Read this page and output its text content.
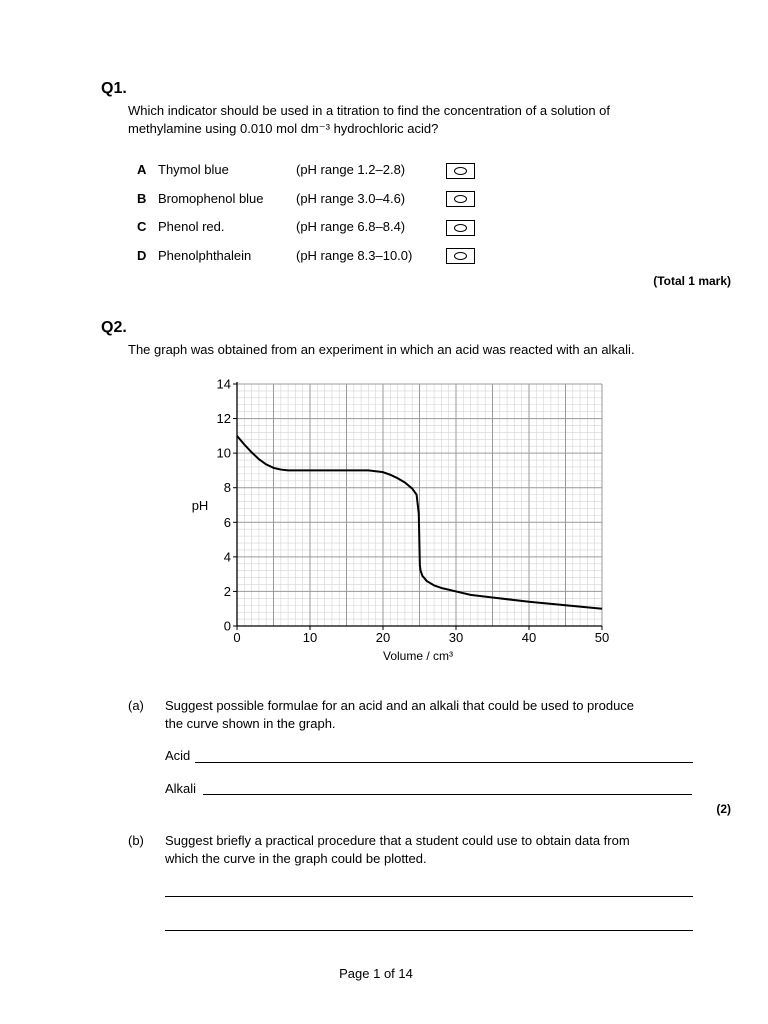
Q1.
Which indicator should be used in a titration to find the concentration of a solution of
methylamine using 0.010 mol dm⁻³ hydrochloric acid?
A Thymol blue	(pH range 1.2–2.8)
B Bromophenol blue (pH range 3.0–4.6)
C Phenol red.	(pH range 6.8–8.4)
D Phenolphthalein	(pH range 8.3–10.0)
(Total 1 mark)
Q2.
The graph was obtained from an experiment in which an acid was reacted with an alkali.
0
2
4
6
8
10
12
14
0	10	20	30	40	50
pH
Volume / cm³
(a) Suggest possible formulae for an acid and an alkali that could be used to produce
the curve shown in the graph.
Acid
Alkali
(2)
(b) Suggest briefly a practical procedure that a student could use to obtain data from
which the curve in the graph could be plotted.
Page 1 of 14
